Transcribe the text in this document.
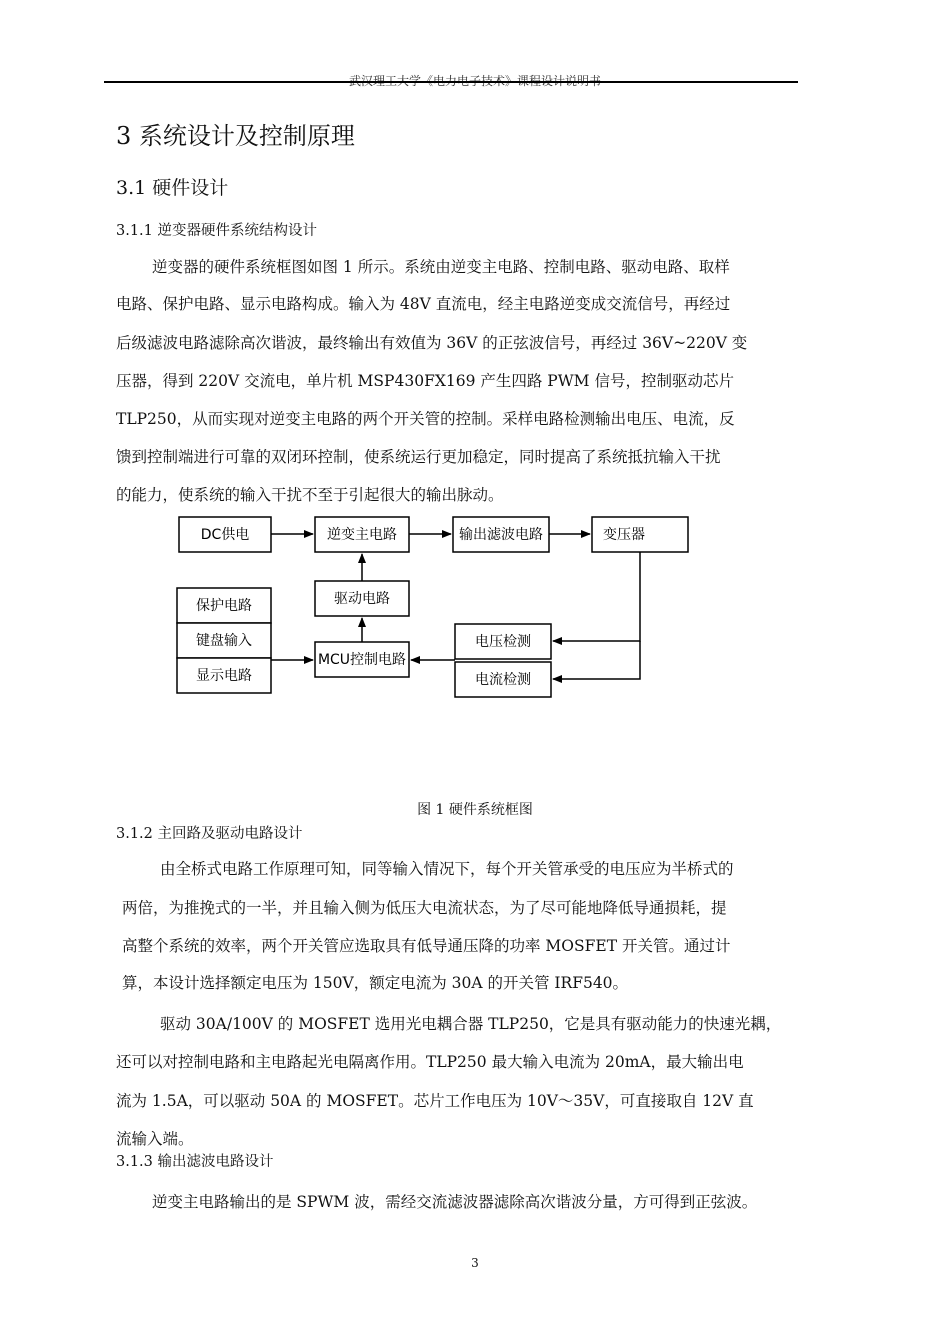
武汉理工大学《电力电子技术》课程设计说明书
3 系统设计及控制原理
3.1 硬件设计
3.1.1 逆变器硬件系统结构设计
逆变器的硬件系统框图如图 1 所示。系统由逆变主电路、控制电路、驱动电路、取样
电路、保护电路、显示电路构成。输入为 48V 直流电，经主电路逆变成交流信号，再经过
后级滤波电路滤除高次谐波，最终输出有效值为 36V 的正弦波信号，再经过 36V~220V 变
压器，得到 220V 交流电，单片机 MSP430FX169 产生四路 PWM 信号，控制驱动芯片
TLP250，从而实现对逆变主电路的两个开关管的控制。采样电路检测输出电压、电流，反
馈到控制端进行可靠的双闭环控制，使系统运行更加稳定，同时提高了系统抵抗输入干扰
的能力，使系统的输入干扰不至于引起很大的输出脉动。
DC供电	逆变主电路	输出滤波电路	变压器
驱动电路
保护电路
键盘输入
显示电路
MCU控制电路
电压检测
电流检测
图 1 硬件系统框图
3.1.2 主回路及驱动电路设计
由全桥式电路工作原理可知，同等输入情况下，每个开关管承受的电压应为半桥式的
两倍，为推挽式的一半，并且输入侧为低压大电流状态，为了尽可能地降低导通损耗，提
高整个系统的效率，两个开关管应选取具有低导通压降的功率 MOSFET 开关管。通过计
算，本设计选择额定电压为 150V，额定电流为 30A 的开关管 IRF540。
驱动 30A/100V 的 MOSFET 选用光电耦合器 TLP250，它是具有驱动能力的快速光耦，
还可以对控制电路和主电路起光电隔离作用。TLP250 最大输入电流为 20mA，最大输出电
流为 1.5A，可以驱动 50A 的 MOSFET。芯片工作电压为 10V～35V，可直接取自 12V 直
流输入端。
3.1.3 输出滤波电路设计
逆变主电路输出的是 SPWM 波，需经交流滤波器滤除高次谐波分量，方可得到正弦波。
3
